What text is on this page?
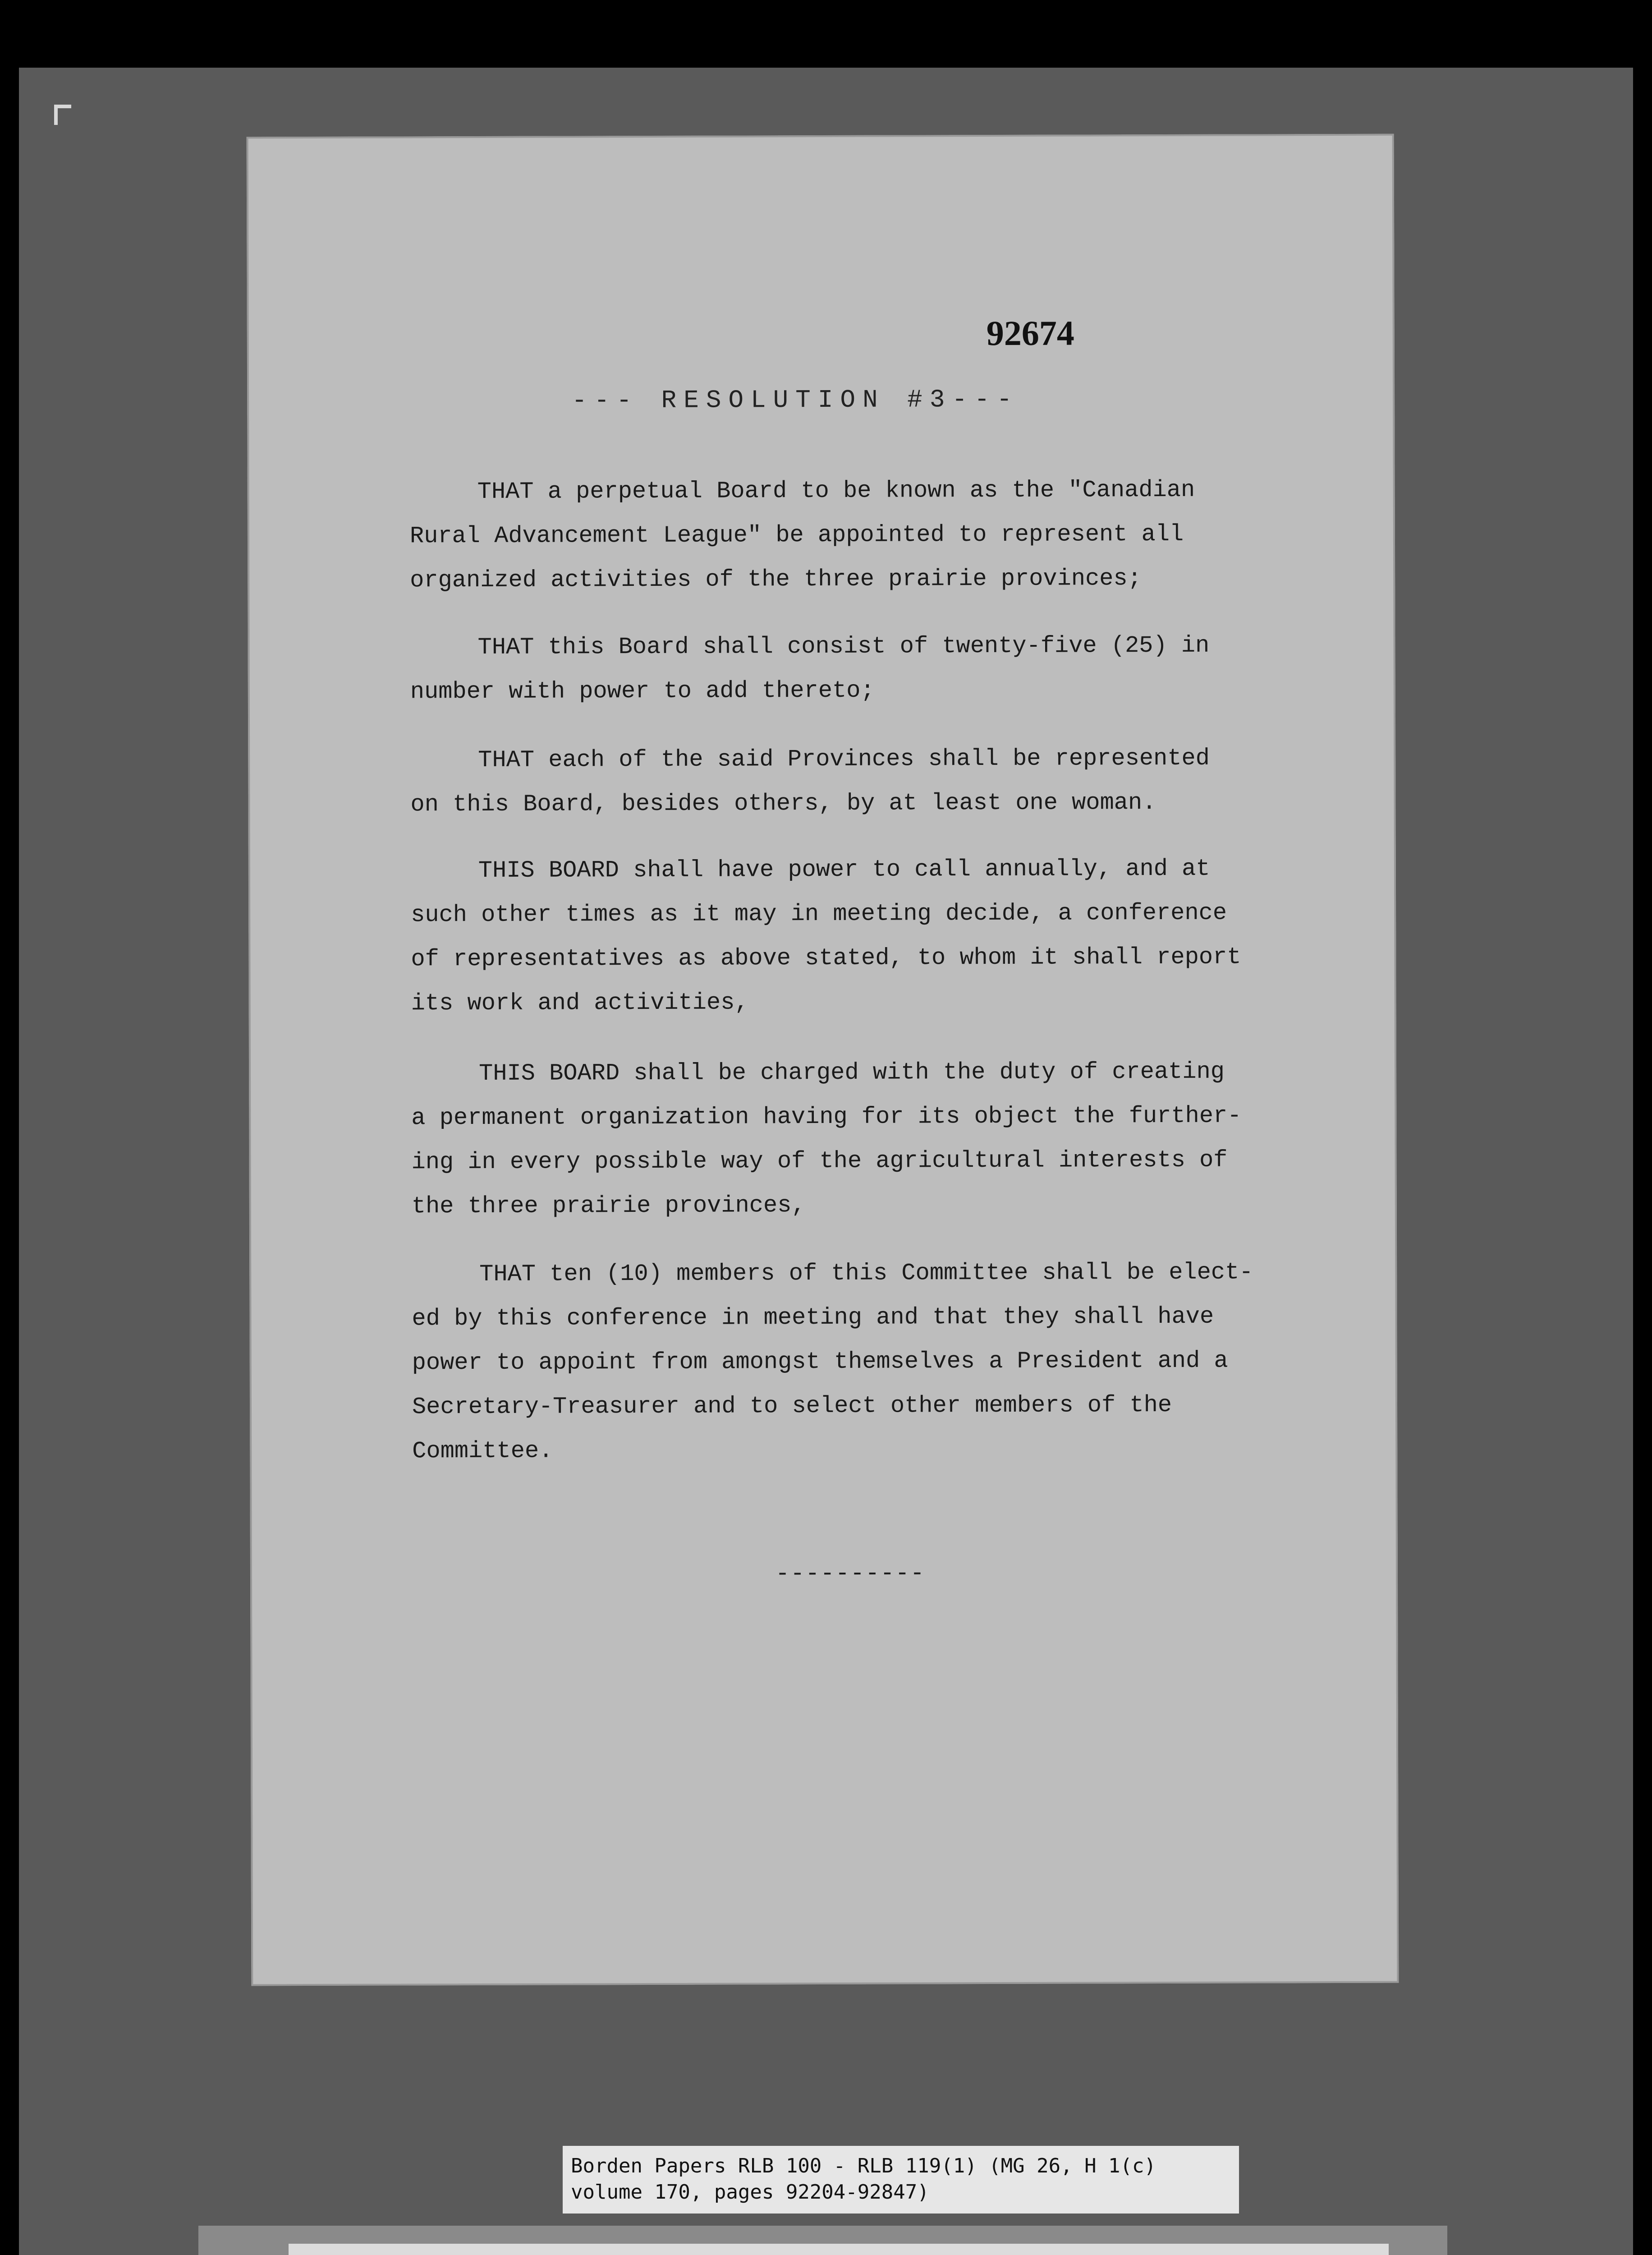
92674
--- RESOLUTION #3---
THAT a perpetual Board to be known as the "Canadian
Rural Advancement League" be appointed to represent all
organized activities of the three prairie provinces;
THAT this Board shall consist of twenty-five (25) in
number with power to add thereto;
THAT each of the said Provinces shall be represented
on this Board, besides others, by at least one woman.
THIS BOARD shall have power to call annually, and at
such other times as it may in meeting decide, a conference
of representatives as above stated, to whom it shall report
its work and activities,
THIS BOARD shall be charged with the duty of creating
a permanent organization having for its object the further-
ing in every possible way of the agricultural interests of
the three prairie provinces,
THAT ten (10) members of this Committee shall be elect-
ed by this conference in meeting and that they shall have
power to appoint from amongst themselves a President and a
Secretary-Treasurer and to select other members of the
Committee.
----------
Borden Papers RLB 100 - RLB 119(1) (MG 26, H 1(c)
volume 170, pages 92204-92847)
